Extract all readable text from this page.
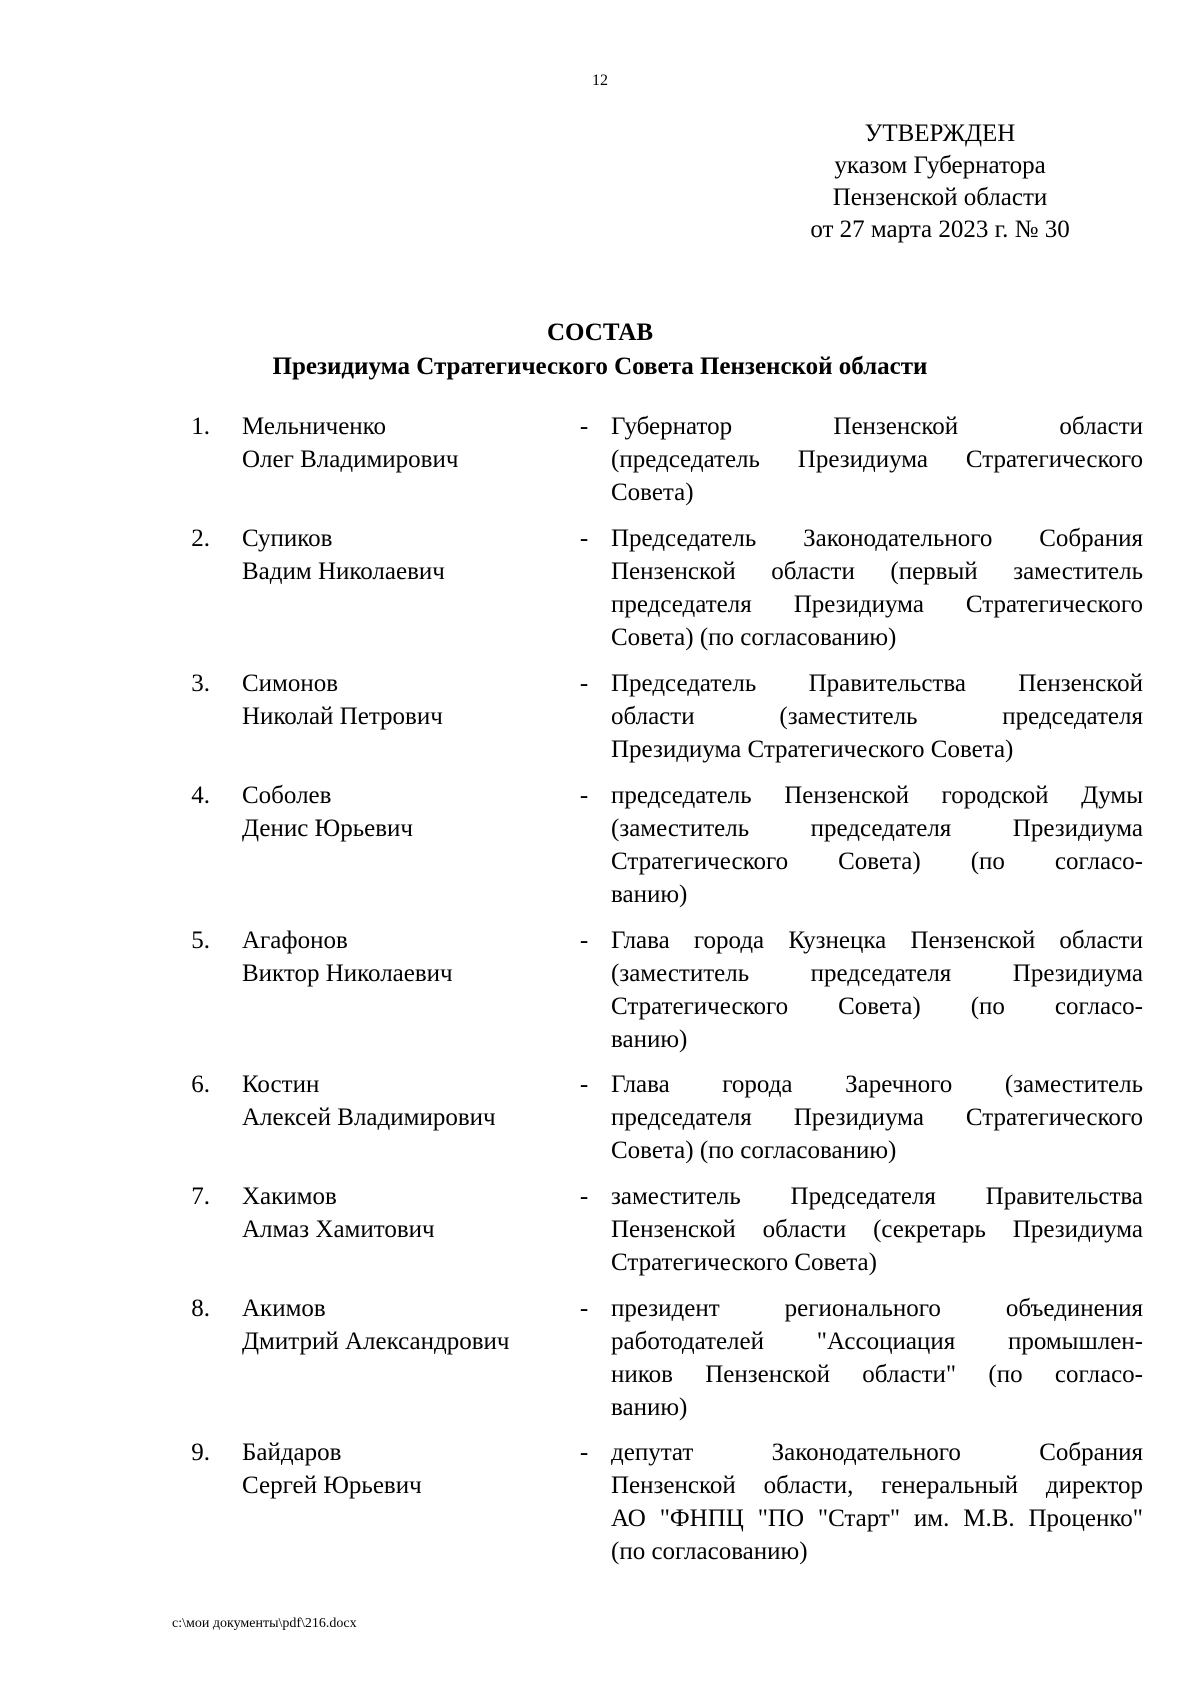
12
УТВЕРЖДЕН
указом Губернатора
Пензенской области
от 27 марта 2023 г. № 30
СОСТАВ
Президиума Стратегического Совета Пензенской области
1. Мельниченко
Олег Владимирович
- Губернатор Пензенской области
(председатель Президиума Стратегического
Совета)
2. Супиков
Вадим Николаевич
- Председатель Законодательного Собрания
Пензенской области (первый заместитель
председателя Президиума Стратегического
Совета) (по согласованию)
3. Симонов
Николай Петрович
- Председатель Правительства Пензенской
области (заместитель председателя
Президиума Стратегического Совета)
4. Соболев
Денис Юрьевич
- председатель Пензенской городской Думы
(заместитель председателя Президиума
Стратегического Совета) (по согласо-
ванию)
5. Агафонов
Виктор Николаевич
- Глава города Кузнецка Пензенской области
(заместитель председателя Президиума
Стратегического Совета) (по согласо-
ванию)
6. Костин
Алексей Владимирович
- Глава города Заречного (заместитель
председателя Президиума Стратегического
Совета) (по согласованию)
7. Хакимов
Алмаз Хамитович
- заместитель Председателя Правительства
Пензенской области (секретарь Президиума
Стратегического Совета)
8. Акимов
Дмитрий Александрович
- президент регионального объединения
работодателей "Ассоциация промышлен-
ников Пензенской области" (по согласо-
ванию)
9. Байдаров
Сергей Юрьевич
- депутат Законодательного Собрания
Пензенской области, генеральный директор
АО "ФНПЦ "ПО "Старт" им. М.В. Проценко"
(по согласованию)
c:\мои документы\pdf\216.docx
